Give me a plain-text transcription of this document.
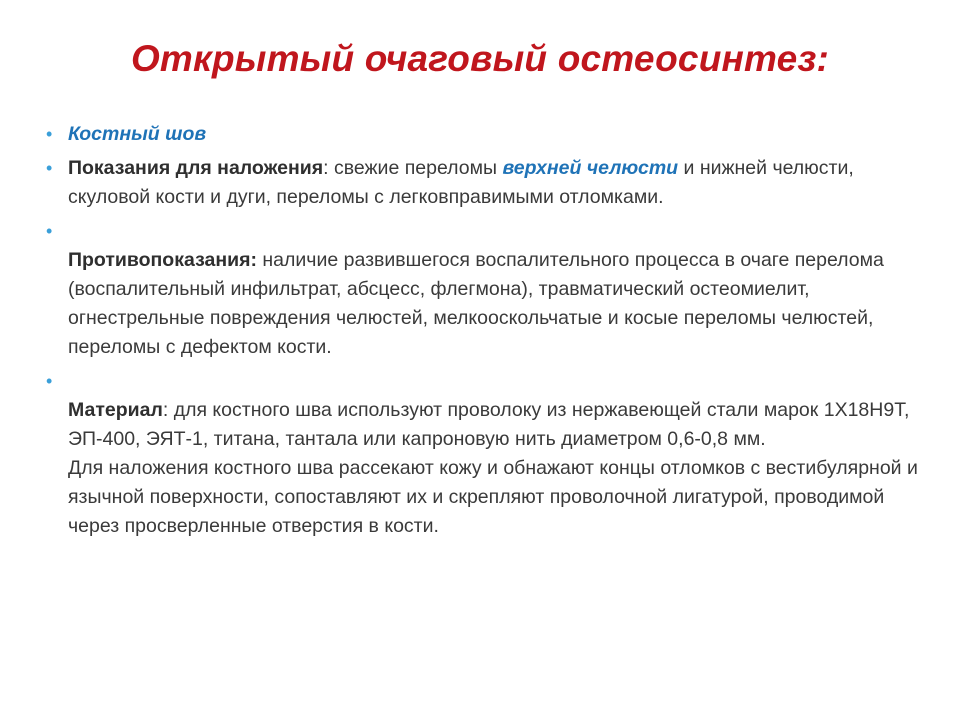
Открытый очаговый остеосинтез:
• Костный шов
• Показания для наложения: свежие переломы верхней челюсти и нижней челюсти, скуловой кости и дуги, переломы с легковправимыми отломками.
•
Противопоказания: наличие развившегося воспалительного процесса в очаге перелома (воспалительный инфильтрат, абсцесс, флегмона), травматический остеомиелит, огнестрельные повреждения челюстей, мелкооскольчатые и косые переломы челюстей, переломы с дефектом кости.
•
Материал: для костного шва используют проволоку из нержавеющей стали марок 1Х18Н9Т, ЭП-400, ЭЯТ-1, титана, тантала или капроновую нить диаметром 0,6-0,8 мм.
Для наложения костного шва рассекают кожу и обнажают концы отломков с вестибулярной и язычной поверхности, сопоставляют их и скрепляют проволочной лигатурой, проводимой через просверленные отверстия в кости.
